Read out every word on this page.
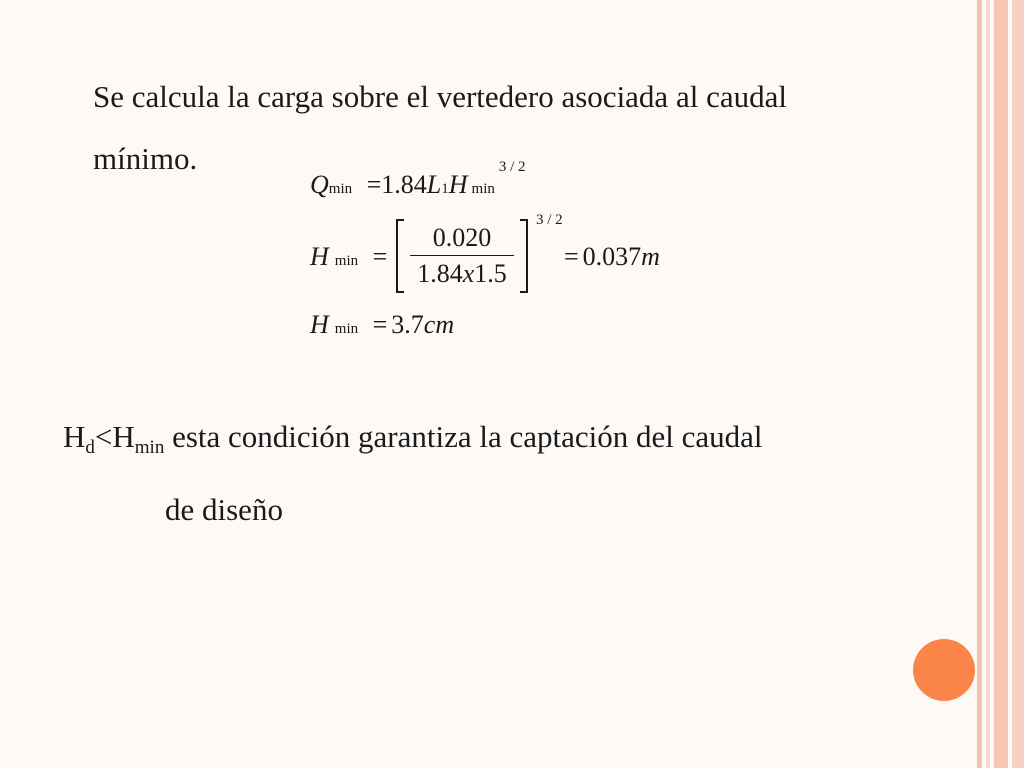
Se calcula la carga sobre el vertedero asociada al caudal
mínimo.
Qmin =1.84L1H $\min^{3 / 2}$
Hmin =
0.020
1.84x1.5
3 / 2
= 0.037m
Hmin = 3.7cm
$H_d<H_{min}$ esta condición garantiza la captación del caudal
de diseño
